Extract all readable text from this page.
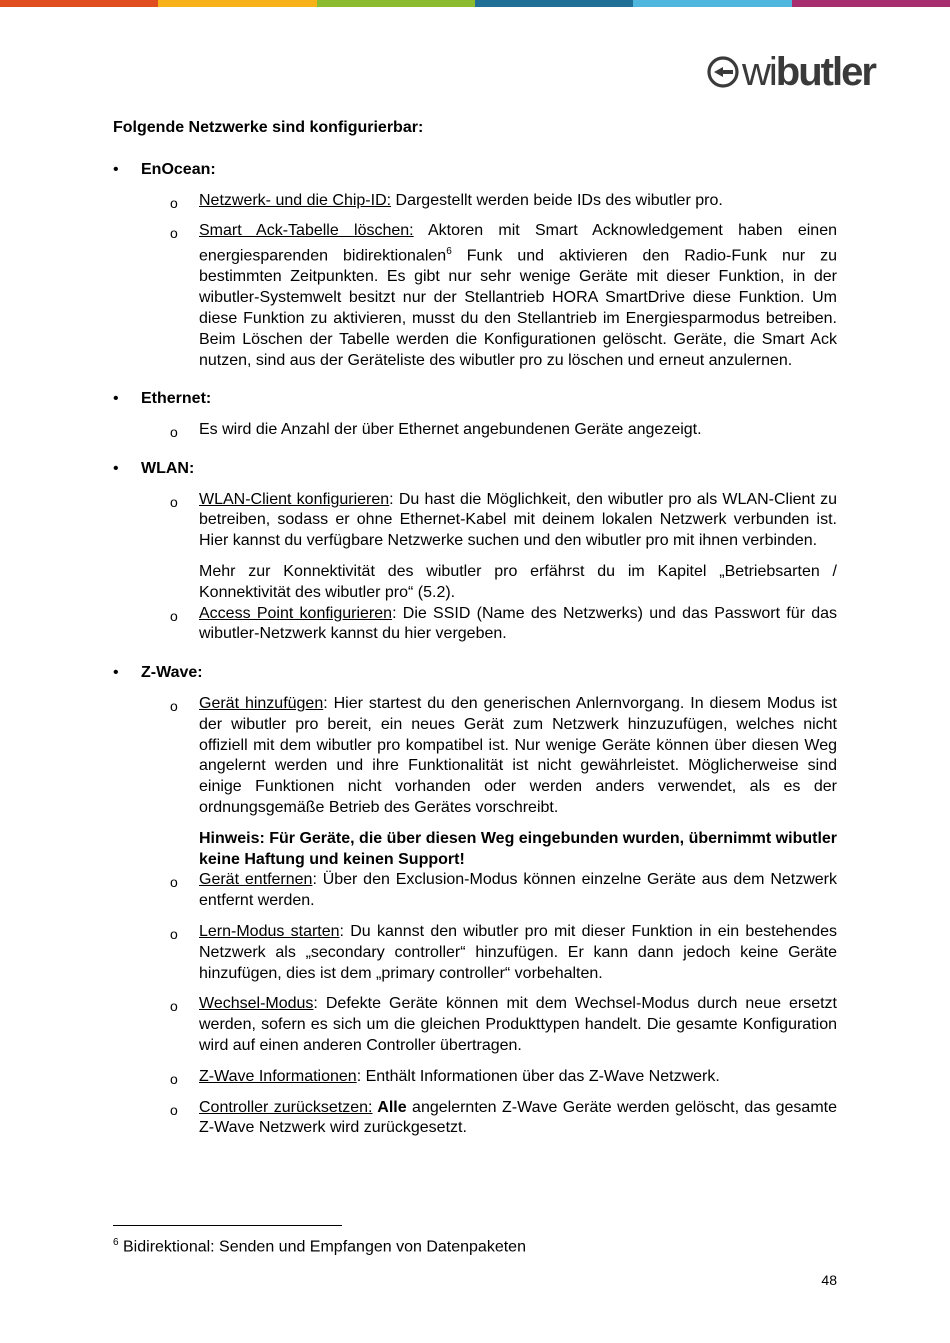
wibutler

Folgende Netzwerke sind konfigurierbar:

• EnOcean:
o Netzwerk- und die Chip-ID: Dargestellt werden beide IDs des wibutler pro.
o Smart Ack-Tabelle löschen: Aktoren mit Smart Acknowledgement haben einen energiesparenden bidirektionalen$^6$ Funk und aktivieren den Radio-Funk nur zu bestimmten Zeitpunkten. Es gibt nur sehr wenige Geräte mit dieser Funktion, in der wibutler-Systemwelt besitzt nur der Stellantrieb HORA SmartDrive diese Funktion. Um diese Funktion zu aktivieren, musst du den Stellantrieb im Energiesparmodus betreiben. Beim Löschen der Tabelle werden die Konfigurationen gelöscht. Geräte, die Smart Ack nutzen, sind aus der Geräteliste des wibutler pro zu löschen und erneut anzulernen.
• Ethernet:
o Es wird die Anzahl der über Ethernet angebundenen Geräte angezeigt.
• WLAN:
o WLAN-Client konfigurieren: Du hast die Möglichkeit, den wibutler pro als WLAN-Client zu betreiben, sodass er ohne Ethernet-Kabel mit deinem lokalen Netzwerk verbunden ist. Hier kannst du verfügbare Netzwerke suchen und den wibutler pro mit ihnen verbinden.

Mehr zur Konnektivität des wibutler pro erfährst du im Kapitel „Betriebsarten / Konnektivität des wibutler pro“ (5.2).

o Access Point konfigurieren: Die SSID (Name des Netzwerks) und das Passwort für das wibutler-Netzwerk kannst du hier vergeben.
• Z-Wave:
o Gerät hinzufügen: Hier startest du den generischen Anlernvorgang. In diesem Modus ist der wibutler pro bereit, ein neues Gerät zum Netzwerk hinzuzufügen, welches nicht offiziell mit dem wibutler pro kompatibel ist. Nur wenige Geräte können über diesen Weg angelernt werden und ihre Funktionalität ist nicht gewährleistet. Möglicherweise sind einige Funktionen nicht vorhanden oder werden anders verwendet, als es der ordnungsgemäße Betrieb des Gerätes vorschreibt.

Hinweis: Für Geräte, die über diesen Weg eingebunden wurden, übernimmt wibutler keine Haftung und keinen Support!

o Gerät entfernen: Über den Exclusion-Modus können einzelne Geräte aus dem Netzwerk entfernt werden.
o Lern-Modus starten: Du kannst den wibutler pro mit dieser Funktion in ein bestehendes Netzwerk als „secondary controller“ hinzufügen. Er kann dann jedoch keine Geräte hinzufügen, dies ist dem „primary controller“ vorbehalten.
o Wechsel-Modus: Defekte Geräte können mit dem Wechsel-Modus durch neue ersetzt werden, sofern es sich um die gleichen Produkttypen handelt. Die gesamte Konfiguration wird auf einen anderen Controller übertragen.
o Z-Wave Informationen: Enthält Informationen über das Z-Wave Netzwerk.
o Controller zurücksetzen: Alle angelernten Z-Wave Geräte werden gelöscht, das gesamte Z-Wave Netzwerk wird zurückgesetzt.
$^6$ Bidirektional: Senden und Empfangen von Datenpaketen
48
